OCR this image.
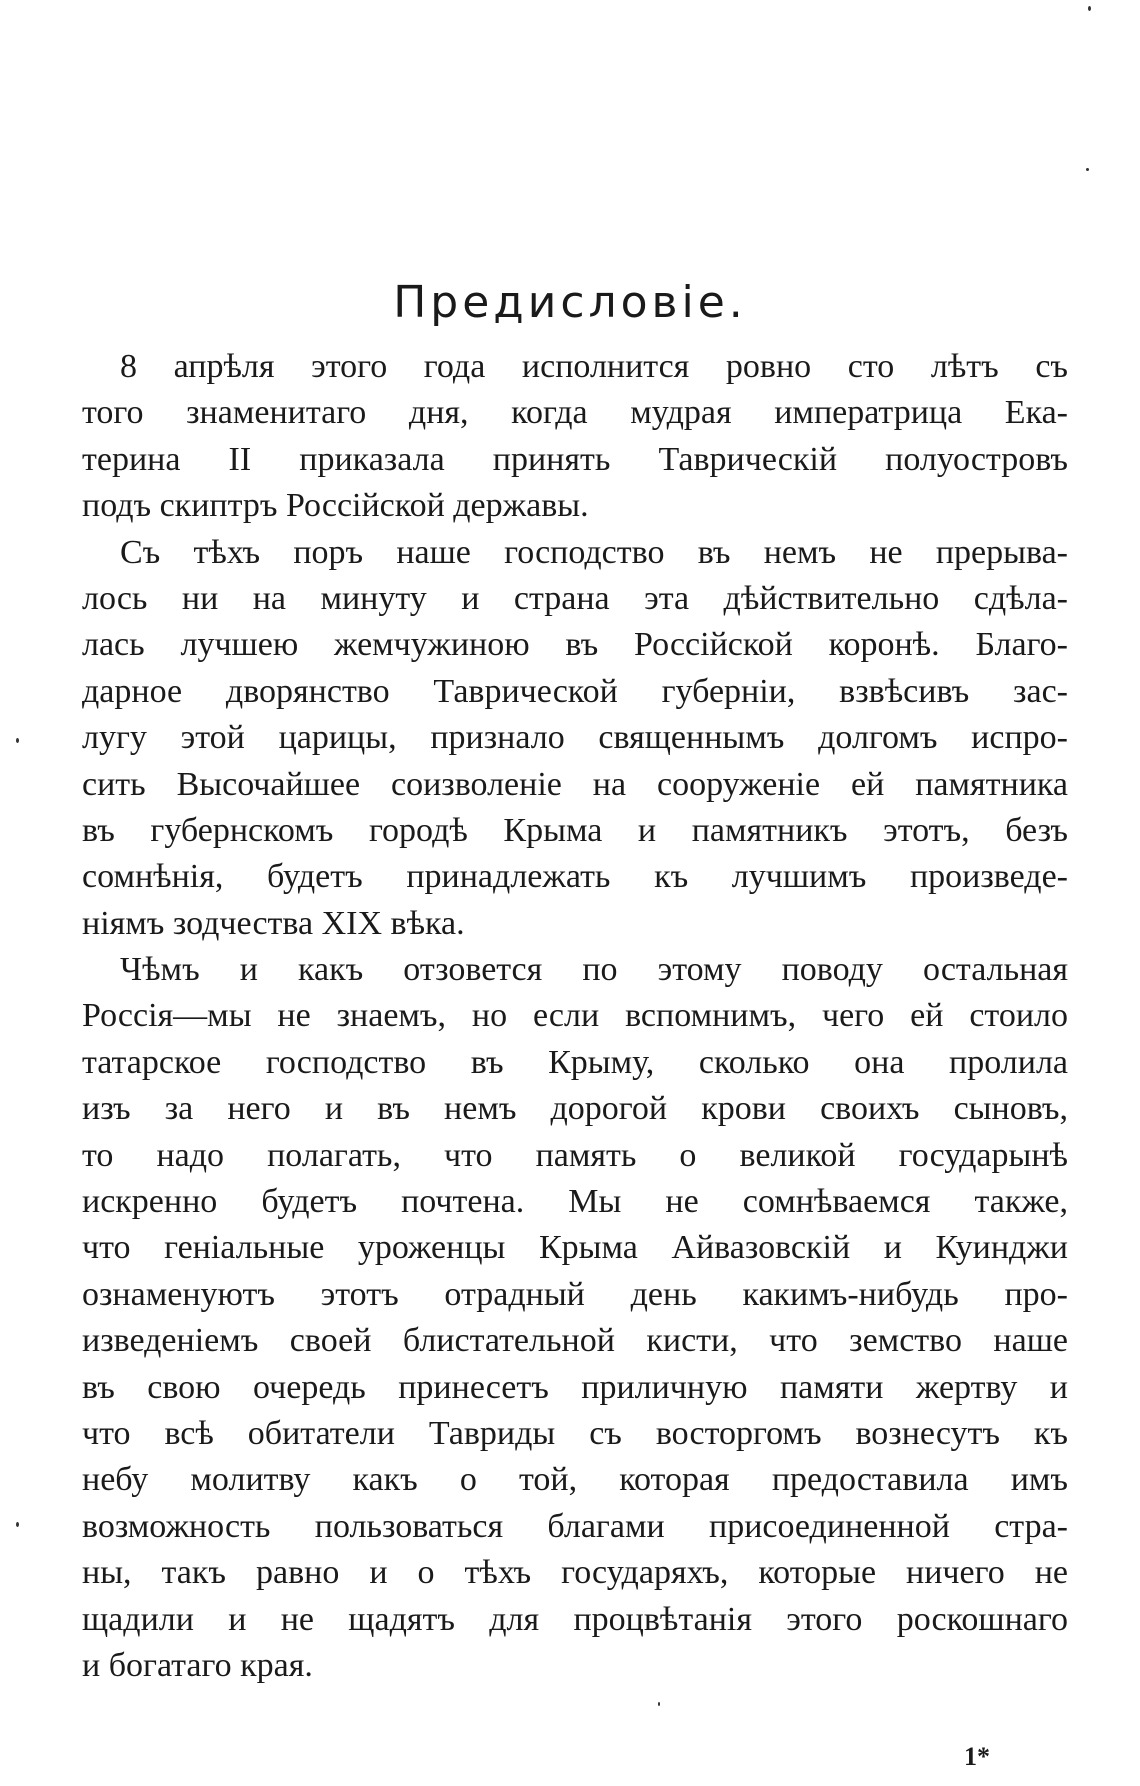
Предисловіе.
8 апрѣля этого года исполнится ровно сто лѣтъ съ
того знаменитаго дня, когда мудрая императрица Ека-
терина II приказала принять Таврическій полуостровъ
подъ скиптръ Россійской державы.
Съ тѣхъ поръ наше господство въ немъ не прерыва-
лось ни на минуту и страна эта дѣйствительно сдѣла-
лась лучшею жемчужиною въ Россійской коронѣ. Благо-
дарное дворянство Таврической губерніи, взвѣсивъ зас-
лугу этой царицы, признало священнымъ долгомъ испро-
сить Высочайшее соизволеніе на сооруженіе ей памятника
въ губернскомъ городѣ Крыма и памятникъ этотъ, безъ
сомнѣнія, будетъ принадлежать къ лучшимъ произведе-
ніямъ зодчества XIX вѣка.
Чѣмъ и какъ отзовется по этому поводу остальная
Россія—мы не знаемъ, но если вспомнимъ, чего ей стоило
татарское господство въ Крыму, сколько она пролила
изъ за него и въ немъ дорогой крови своихъ сыновъ,
то надо полагать, что память о великой государынѣ
искренно будетъ почтена. Мы не сомнѣваемся также,
что геніальные уроженцы Крыма Айвазовскій и Куинджи
ознаменуютъ этотъ отрадный день какимъ-нибудь про-
изведеніемъ своей блистательной кисти, что земство наше
въ свою очередь принесетъ приличную памяти жертву и
что всѣ обитатели Тавриды съ восторгомъ вознесутъ къ
небу молитву какъ о той, которая предоставила имъ
возможность пользоваться благами присоединенной стра-
ны, такъ равно и о тѣхъ государяхъ, которые ничего не
щадили и не щадятъ для процвѣтанія этого роскошнаго
и богатаго края.
1*
